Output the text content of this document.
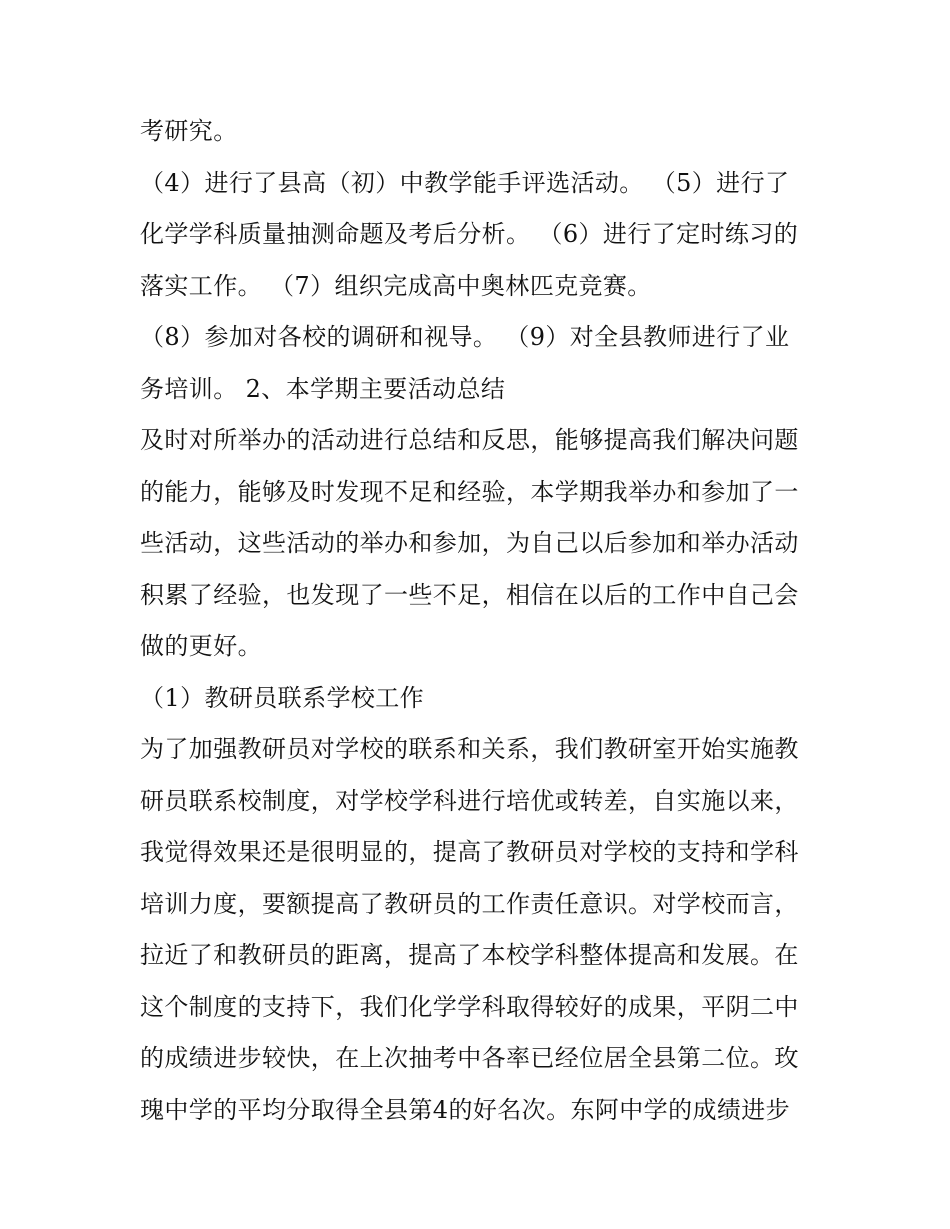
考研究。
（4）进行了县高（初）中教学能手评选活动。 （5）进行了
化学学科质量抽测命题及考后分析。 （6）进行了定时练习的
落实工作。 （7）组织完成高中奥林匹克竞赛。
（8）参加对各校的调研和视导。 （9）对全县教师进行了业
务培训。 2、本学期主要活动总结
及时对所举办的活动进行总结和反思，能够提高我们解决问题
的能力，能够及时发现不足和经验，本学期我举办和参加了一
些活动，这些活动的举办和参加，为自己以后参加和举办活动
积累了经验，也发现了一些不足，相信在以后的工作中自己会
做的更好。
（1）教研员联系学校工作
为了加强教研员对学校的联系和关系，我们教研室开始实施教
研员联系校制度，对学校学科进行培优或转差，自实施以来，
我觉得效果还是很明显的，提高了教研员对学校的支持和学科
培训力度，要额提高了教研员的工作责任意识。对学校而言，
拉近了和教研员的距离，提高了本校学科整体提高和发展。在
这个制度的支持下，我们化学学科取得较好的成果，平阴二中
的成绩进步较快，在上次抽考中各率已经位居全县第二位。玫
瑰中学的平均分取得全县第4的好名次。东阿中学的成绩进步
